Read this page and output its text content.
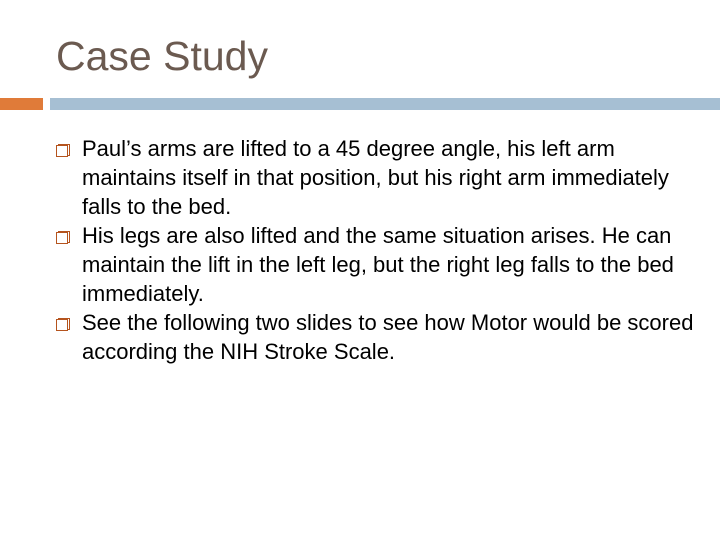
Case Study
Paul’s arms are lifted to a 45 degree angle, his left arm maintains itself in that position, but his right arm immediately falls to the bed.
His legs are also lifted and the same situation arises. He can maintain the lift in the left leg, but the right leg falls to the bed immediately.
See the following two slides to see how Motor would be scored according the NIH Stroke Scale.
